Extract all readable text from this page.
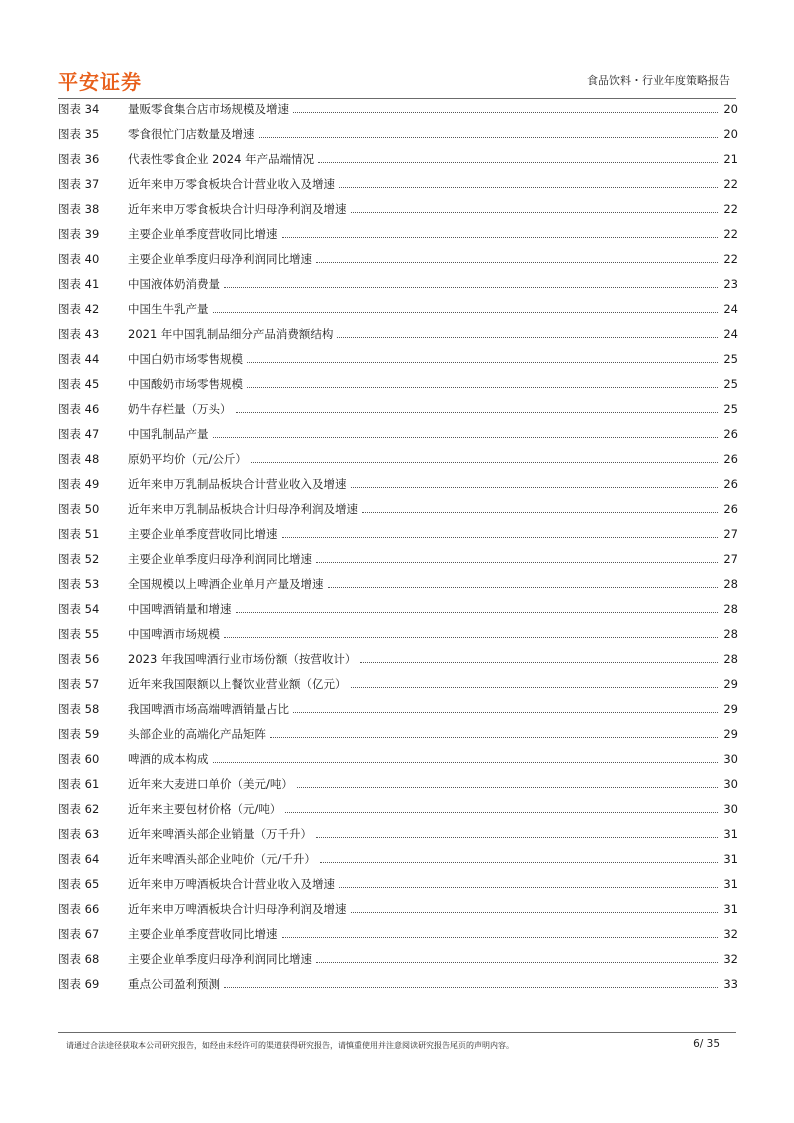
平安证券	食品饮料・行业年度策略报告
图表 34	量贩零食集合店市场规模及增速	20
图表 35	零食很忙门店数量及增速	20
图表 36	代表性零食企业 2024 年产品端情况	21
图表 37	近年来申万零食板块合计营业收入及增速	22
图表 38	近年来申万零食板块合计归母净利润及增速	22
图表 39	主要企业单季度营收同比增速	22
图表 40	主要企业单季度归母净利润同比增速	22
图表 41	中国液体奶消费量	23
图表 42	中国生牛乳产量	24
图表 43	2021 年中国乳制品细分产品消费额结构	24
图表 44	中国白奶市场零售规模	25
图表 45	中国酸奶市场零售规模	25
图表 46	奶牛存栏量（万头）	25
图表 47	中国乳制品产量	26
图表 48	原奶平均价（元/公斤）	26
图表 49	近年来申万乳制品板块合计营业收入及增速	26
图表 50	近年来申万乳制品板块合计归母净利润及增速	26
图表 51	主要企业单季度营收同比增速	27
图表 52	主要企业单季度归母净利润同比增速	27
图表 53	全国规模以上啤酒企业单月产量及增速	28
图表 54	中国啤酒销量和增速	28
图表 55	中国啤酒市场规模	28
图表 56	2023 年我国啤酒行业市场份额（按营收计）	28
图表 57	近年来我国限额以上餐饮业营业额（亿元）	29
图表 58	我国啤酒市场高端啤酒销量占比	29
图表 59	头部企业的高端化产品矩阵	29
图表 60	啤酒的成本构成	30
图表 61	近年来大麦进口单价（美元/吨）	30
图表 62	近年来主要包材价格（元/吨）	30
图表 63	近年来啤酒头部企业销量（万千升）	31
图表 64	近年来啤酒头部企业吨价（元/千升）	31
图表 65	近年来申万啤酒板块合计营业收入及增速	31
图表 66	近年来申万啤酒板块合计归母净利润及增速	31
图表 67	主要企业单季度营收同比增速	32
图表 68	主要企业单季度归母净利润同比增速	32
图表 69	重点公司盈利预测	33
请通过合法途径获取本公司研究报告，如经由未经许可的渠道获得研究报告，请慎重使用并注意阅读研究报告尾页的声明内容。	6/ 35
